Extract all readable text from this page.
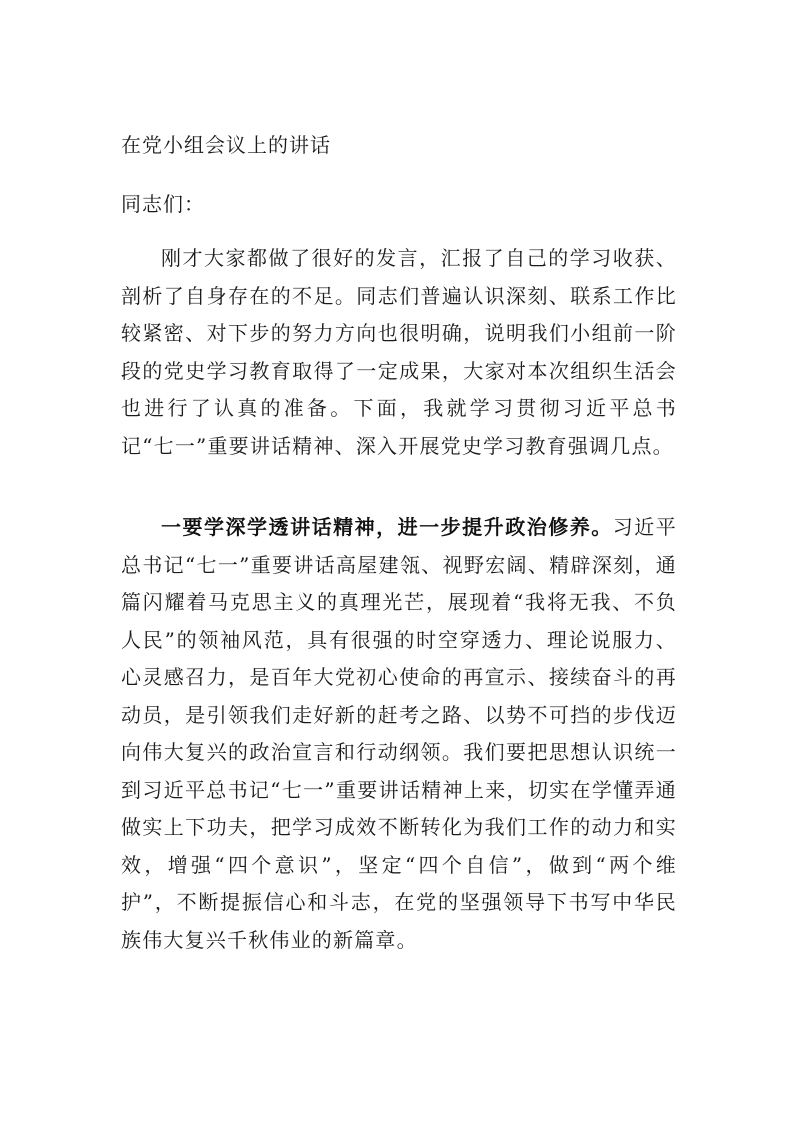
在党小组会议上的讲话
同志们：

刚才大家都做了很好的发言，汇报了自己的学习收获、剖析了自身存在的不足。同志们普遍认识深刻、联系工作比较紧密、对下步的努力方向也很明确，说明我们小组前一阶段的党史学习教育取得了一定成果，大家对本次组织生活会也进行了认真的准备。下面，我就学习贯彻习近平总书记“七一”重要讲话精神、深入开展党史学习教育强调几点。

一要学深学透讲话精神，进一步提升政治修养。习近平总书记“七一”重要讲话高屋建瓴、视野宏阔、精辟深刻，通篇闪耀着马克思主义的真理光芒，展现着“我将无我、不负人民”的领袖风范，具有很强的时空穿透力、理论说服力、心灵感召力，是百年大党初心使命的再宣示、接续奋斗的再动员，是引领我们走好新的赶考之路、以势不可挡的步伐迈向伟大复兴的政治宣言和行动纲领。我们要把思想认识统一到习近平总书记“七一”重要讲话精神上来，切实在学懂弄通做实上下功夫，把学习成效不断转化为我们工作的动力和实效，增强“四个意识”，坚定“四个自信”，做到“两个维护”，不断提振信心和斗志，在党的坚强领导下书写中华民族伟大复兴千秋伟业的新篇章。
